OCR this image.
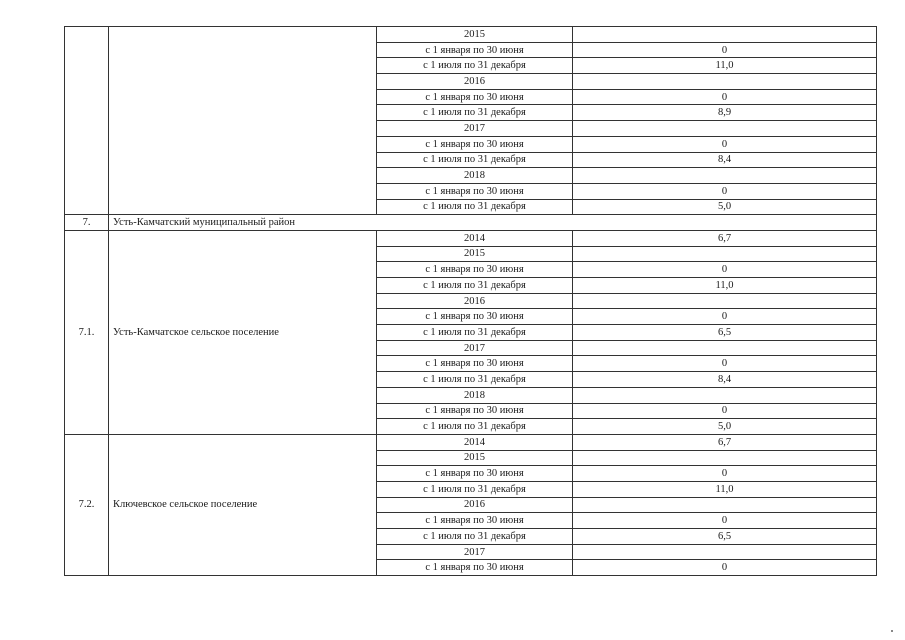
		2015	
		с 1 января по 30 июня	0
		с 1 июля по 31 декабря	11,0
		2016	
		с 1 января по 30 июня	0
		с 1 июля по 31 декабря	8,9
		2017	
		с 1 января по 30 июня	0
		с 1 июля по 31 декабря	8,4
		2018	
		с 1 января по 30 июня	0
		с 1 июля по 31 декабря	5,0
7.	Усть-Камчатский муниципальный район		
7.1.	Усть-Камчатское сельское поселение	2014	6,7
		2015	
		с 1 января по 30 июня	0
		с 1 июля по 31 декабря	11,0
		2016	
		с 1 января по 30 июня	0
		с 1 июля по 31 декабря	6,5
		2017	
		с 1 января по 30 июня	0
		с 1 июля по 31 декабря	8,4
		2018	
		с 1 января по 30 июня	0
		с 1 июля по 31 декабря	5,0
7.2.	Ключевское сельское поселение	2014	6,7
		2015	
		с 1 января по 30 июня	0
		с 1 июля по 31 декабря	11,0
		2016	
		с 1 января по 30 июня	0
		с 1 июля по 31 декабря	6,5
		2017	
		с 1 января по 30 июня	0
